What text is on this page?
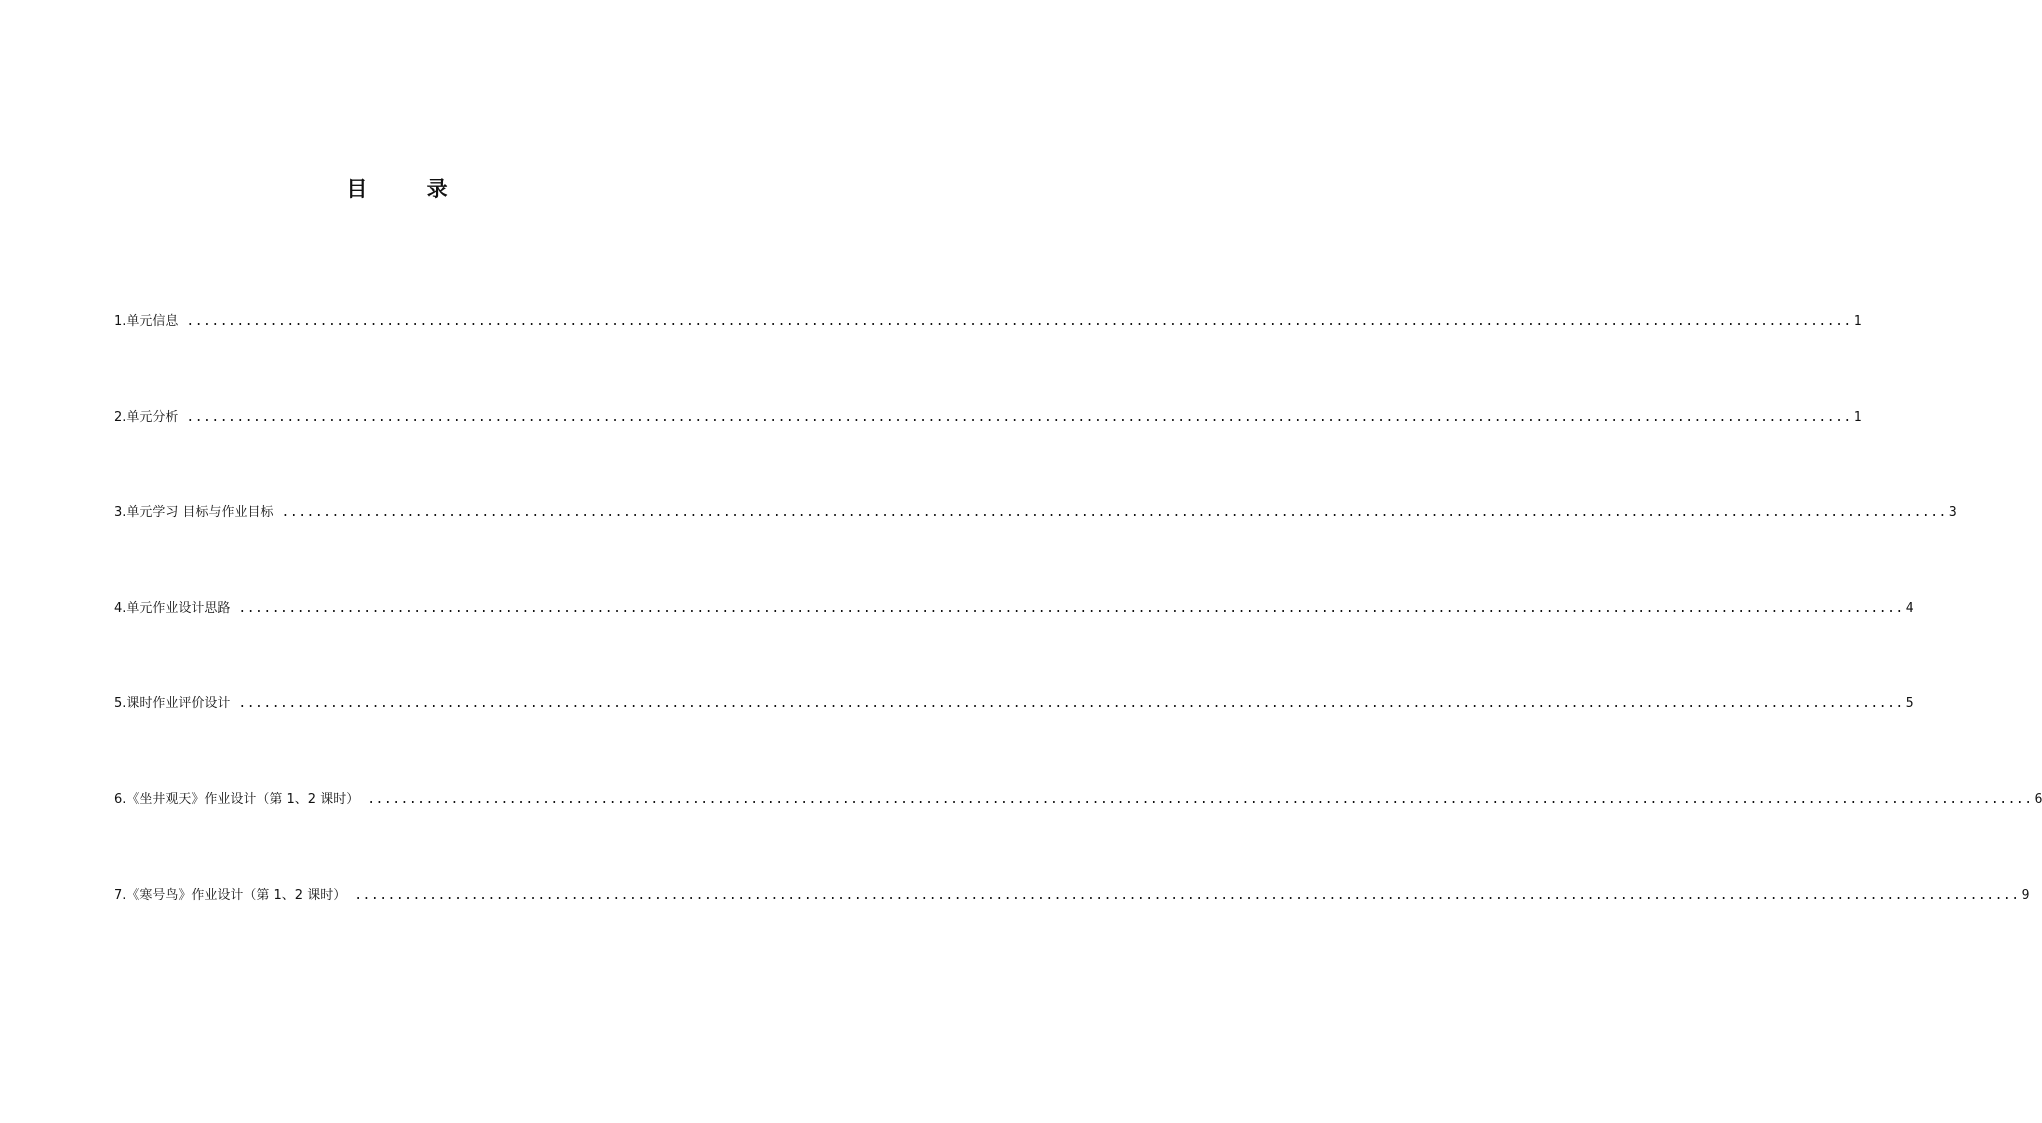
目 录
1.单元信息 ........................................................................................................................................................................................................ 1
2.单元分析 ........................................................................................................................................................................................................ 1
3.单元学习 目标与作业目标 ........................................................................................................................................................................................................ 3
4.单元作业设计思路 ........................................................................................................................................................................................................ 4
5.课时作业评价设计 ........................................................................................................................................................................................................ 5
6.《坐井观天》作业设计（第 1、2 课时） ........................................................................................................................................................................................................ 6
7.《寒号鸟》作业设计（第 1、2 课时） ........................................................................................................................................................................................................ 9
